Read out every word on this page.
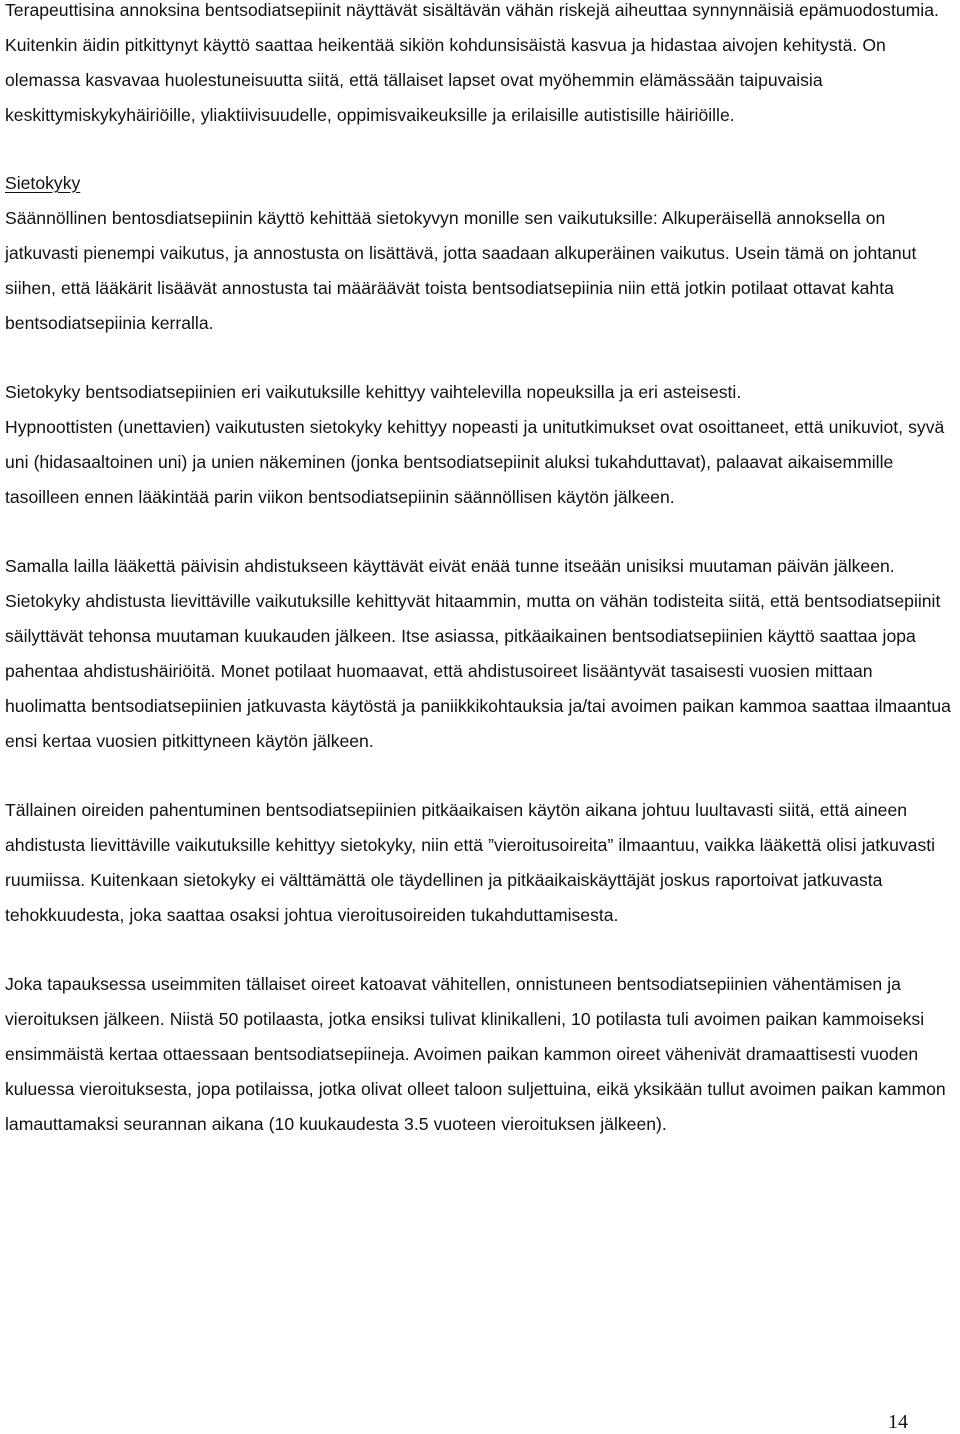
Terapeuttisina annoksina bentsodiatsepiinit näyttävät sisältävän vähän riskejä aiheuttaa synnynnäisiä epämuodostumia. Kuitenkin äidin pitkittynyt käyttö saattaa heikentää sikiön kohdunsisäistä kasvua ja hidastaa aivojen kehitystä. On olemassa kasvavaa huolestuneisuutta siitä, että tällaiset lapset ovat myöhemmin elämässään taipuvaisia keskittymiskykyhäiriöille, yliaktiivisuudelle, oppimisvaikeuksille ja erilaisille autistisille häiriöille.

Sietokyky

Säännöllinen bentosdiatsepiinin käyttö kehittää sietokyvyn monille sen vaikutuksille: Alkuperäisellä annoksella on jatkuvasti pienempi vaikutus, ja annostusta on lisättävä, jotta saadaan alkuperäinen vaikutus. Usein tämä on johtanut siihen, että lääkärit lisäävät annostusta tai määräävät toista bentsodiatsepiinia niin että jotkin potilaat ottavat kahta bentsodiatsepiinia kerralla.

Sietokyky bentsodiatsepiinien eri vaikutuksille kehittyy vaihtelevilla nopeuksilla ja eri asteisesti.

Hypnoottisten (unettavien) vaikutusten sietokyky kehittyy nopeasti ja unitutkimukset ovat osoittaneet, että unikuviot, syvä uni (hidasaaltoinen uni) ja unien näkeminen (jonka bentsodiatsepiinit aluksi tukahduttavat), palaavat aikaisemmille tasoilleen ennen lääkintää parin viikon bentsodiatsepiinin säännöllisen käytön jälkeen.

Samalla lailla lääkettä päivisin ahdistukseen käyttävät eivät enää tunne itseään unisiksi muutaman päivän jälkeen.

Sietokyky ahdistusta lievittäville vaikutuksille kehittyvät hitaammin, mutta on vähän todisteita siitä, että bentsodiatsepiinit säilyttävät tehonsa muutaman kuukauden jälkeen. Itse asiassa, pitkäaikainen bentsodiatsepiinien käyttö saattaa jopa pahentaa ahdistushäiriöitä. Monet potilaat huomaavat, että ahdistusoireet lisääntyvät tasaisesti vuosien mittaan huolimatta bentsodiatsepiinien jatkuvasta käytöstä ja paniikkikohtauksia ja/tai avoimen paikan kammoa saattaa ilmaantua ensi kertaa vuosien pitkittyneen käytön jälkeen.

Tällainen oireiden pahentuminen bentsodiatsepiinien pitkäaikaisen käytön aikana johtuu luultavasti siitä, että aineen ahdistusta lievittäville vaikutuksille kehittyy sietokyky, niin että ”vieroitusoireita” ilmaantuu, vaikka lääkettä olisi jatkuvasti ruumiissa. Kuitenkaan sietokyky ei välttämättä ole täydellinen ja pitkäaikaiskäyttäjät joskus raportoivat jatkuvasta tehokkuudesta, joka saattaa osaksi johtua vieroitusoireiden tukahduttamisesta.

Joka tapauksessa useimmiten tällaiset oireet katoavat vähitellen, onnistuneen bentsodiatsepiinien vähentämisen ja vieroituksen jälkeen. Niistä 50 potilaasta, jotka ensiksi tulivat klinikalleni, 10 potilasta tuli avoimen paikan kammoiseksi ensimmäistä kertaa ottaessaan bentsodiatsepiineja. Avoimen paikan kammon oireet vähenivät dramaattisesti vuoden kuluessa vieroituksesta, jopa potilaissa, jotka olivat olleet taloon suljettuina, eikä yksikään tullut avoimen paikan kammon lamauttamaksi seurannan aikana (10 kuukaudesta 3.5 vuoteen vieroituksen jälkeen).

14
